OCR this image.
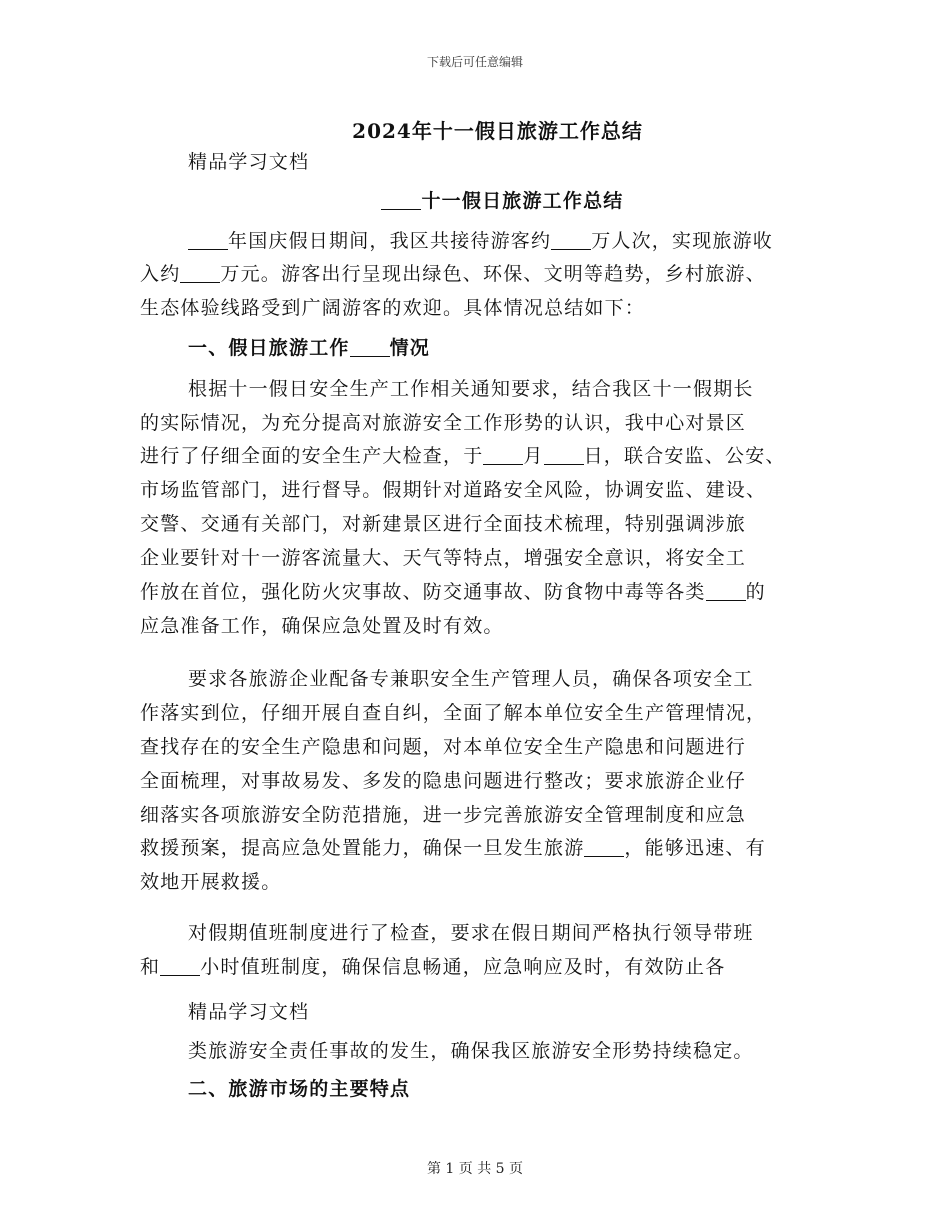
下载后可任意编辑
2024年十一假日旅游工作总结
精品学习文档
十一假日旅游工作总结
年国庆假日期间，我区共接待游客约 万人次，实现旅游收
入约 万元。游客出行呈现出绿色、环保、文明等趋势，乡村旅游、
生态体验线路受到广阔游客的欢迎。具体情况总结如下：
一、假日旅游工作 情况
根据十一假日安全生产工作相关通知要求，结合我区十一假期长
的实际情况，为充分提高对旅游安全工作形势的认识，我中心对景区
进行了仔细全面的安全生产大检查，于 月 日，联合安监、公安、
市场监管部门，进行督导。假期针对道路安全风险，协调安监、建设、
交警、交通有关部门，对新建景区进行全面技术梳理，特别强调涉旅
企业要针对十一游客流量大、天气等特点，增强安全意识，将安全工
作放在首位，强化防火灾事故、防交通事故、防食物中毒等各类 的
应急准备工作，确保应急处置及时有效。
要求各旅游企业配备专兼职安全生产管理人员，确保各项安全工
作落实到位，仔细开展自查自纠，全面了解本单位安全生产管理情况，
查找存在的安全生产隐患和问题，对本单位安全生产隐患和问题进行
全面梳理，对事故易发、多发的隐患问题进行整改；要求旅游企业仔
细落实各项旅游安全防范措施，进一步完善旅游安全管理制度和应急
救援预案，提高应急处置能力，确保一旦发生旅游 ，能够迅速、有
效地开展救援。
对假期值班制度进行了检查，要求在假日期间严格执行领导带班
和 小时值班制度，确保信息畅通，应急响应及时，有效防止各
精品学习文档
类旅游安全责任事故的发生，确保我区旅游安全形势持续稳定。
二、旅游市场的主要特点
第 1 页 共 5 页
